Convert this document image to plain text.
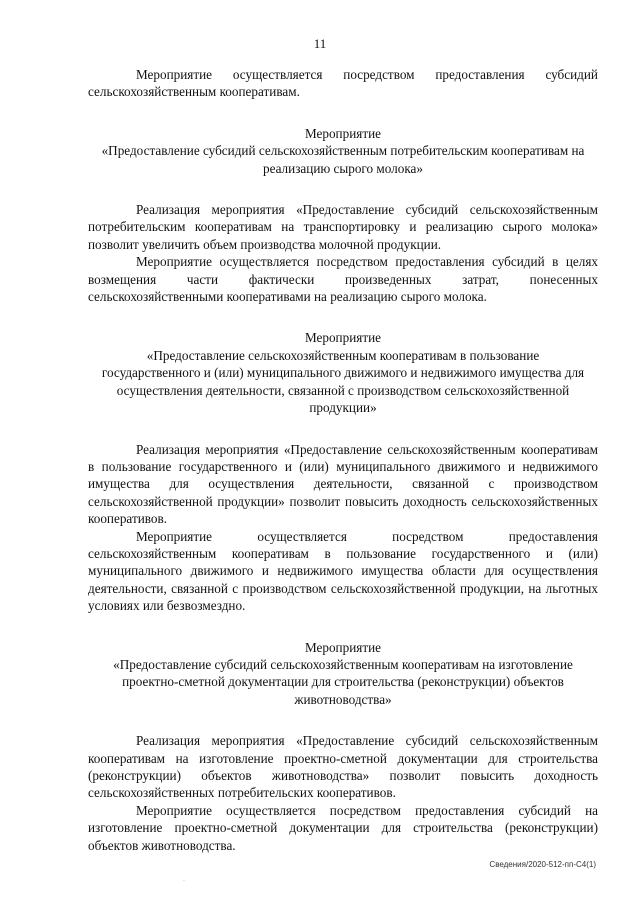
11

Мероприятие осуществляется посредством предоставления субсидий сельскохозяйственным кооперативам.

Мероприятие
«Предоставление субсидий сельскохозяйственным потребительским кооперативам на реализацию сырого молока»

Реализация мероприятия «Предоставление субсидий сельскохозяйственным потребительским кооперативам на транспортировку и реализацию сырого молока» позволит увеличить объем производства молочной продукции.

Мероприятие осуществляется посредством предоставления субсидий в целях возмещения части фактически произведенных затрат, понесенных сельскохозяйственными кооперативами на реализацию сырого молока.

Мероприятие
«Предоставление сельскохозяйственным кооперативам в пользование государственного и (или) муниципального движимого и недвижимого имущества для осуществления деятельности, связанной с производством сельскохозяйственной продукции»

Реализация мероприятия «Предоставление сельскохозяйственным кооперативам в пользование государственного и (или) муниципального движимого и недвижимого имущества для осуществления деятельности, связанной с производством сельскохозяйственной продукции» позволит повысить доходность сельскохозяйственных кооперативов.

Мероприятие осуществляется посредством предоставления сельскохозяйственным кооперативам в пользование государственного и (или) муниципального движимого и недвижимого имущества области для осуществления деятельности, связанной с производством сельскохозяйственной продукции, на льготных условиях или безвозмездно.

Мероприятие
«Предоставление субсидий сельскохозяйственным кооперативам на изготовление проектно-сметной документации для строительства (реконструкции) объектов животноводства»

Реализация мероприятия «Предоставление субсидий сельскохозяйственным кооперативам на изготовление проектно-сметной документации для строительства (реконструкции) объектов животноводства» позволит повысить доходность сельскохозяйственных потребительских кооперативов.

Мероприятие осуществляется посредством предоставления субсидий на изготовление проектно-сметной документации для строительства (реконструкции) объектов животноводства.

Сведения/2020-512-пп-С4(1)
.
